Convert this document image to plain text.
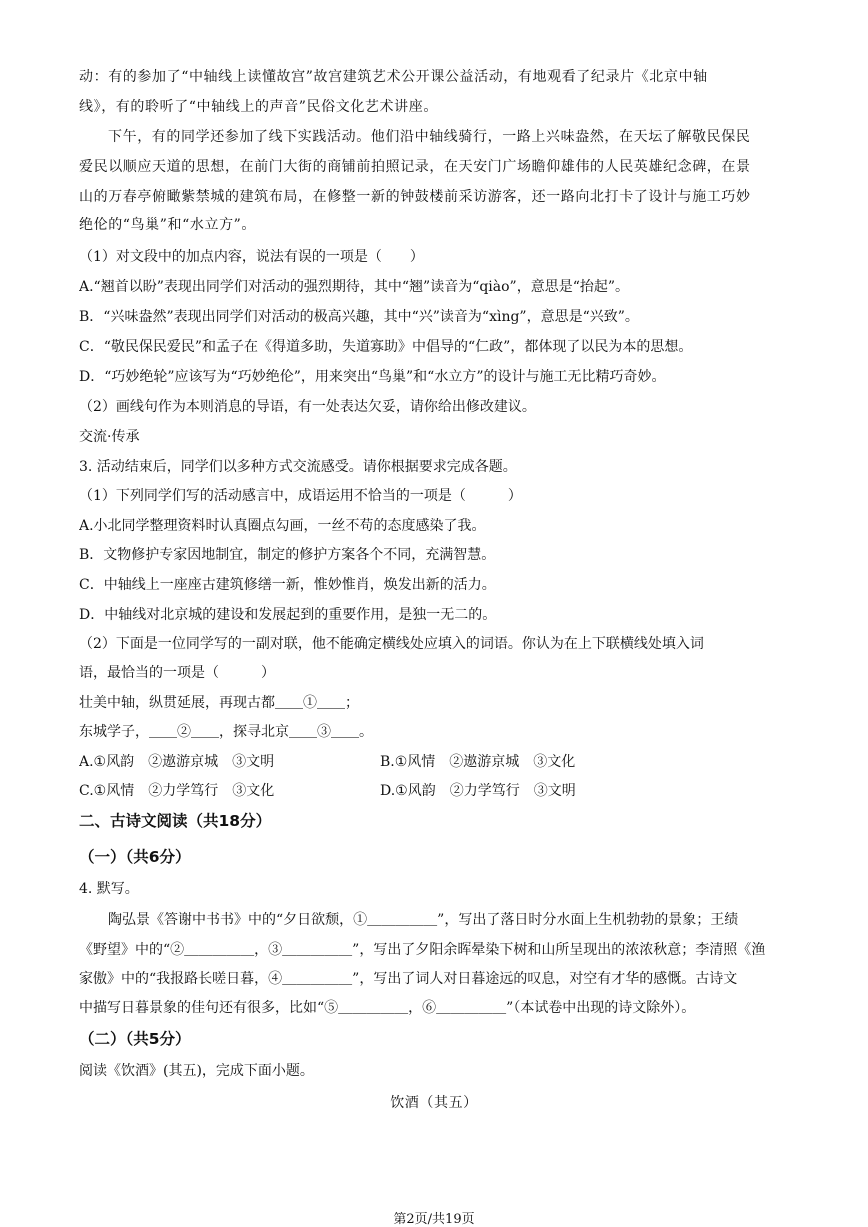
动：有的参加了“中轴线上读懂故宫”故宫建筑艺术公开课公益活动，有地观看了纪录片《北京中轴
线》，有的聆听了“中轴线上的声音”民俗文化艺术讲座。
下午，有的同学还参加了线下实践活动。他们沿中轴线骑行，一路上兴味盎然，在天坛了解敬民保民
爱民以顺应天道的思想，在前门大街的商铺前拍照记录，在天安门广场瞻仰雄伟的人民英雄纪念碑，在景
山的万春亭俯瞰紫禁城的建筑布局，在修整一新的钟鼓楼前采访游客，还一路向北打卡了设计与施工巧妙
绝伦的“鸟巢”和“水立方”。
（1）对文段中的加点内容，说法有误的一项是（　　）
A.“翘首以盼”表现出同学们对活动的强烈期待，其中“翘”读音为“qiào”，意思是“抬起”。
B．“兴味盎然”表现出同学们对活动的极高兴趣，其中“兴”读音为“xìng”，意思是“兴致”。
C．“敬民保民爱民”和孟子在《得道多助，失道寡助》中倡导的“仁政”，都体现了以民为本的思想。
D．“巧妙绝轮”应该写为“巧妙绝伦”，用来突出“鸟巢”和“水立方”的设计与施工无比精巧奇妙。
（2）画线句作为本则消息的导语，有一处表达欠妥，请你给出修改建议。
交流·传承
3. 活动结束后，同学们以多种方式交流感受。请你根据要求完成各题。
（1）下列同学们写的活动感言中，成语运用不恰当的一项是（　　　）
A.小北同学整理资料时认真圈点勾画，一丝不苟的态度感染了我。
B．文物修护专家因地制宜，制定的修护方案各个不同，充满智慧。
C．中轴线上一座座古建筑修缮一新，惟妙惟肖，焕发出新的活力。
D．中轴线对北京城的建设和发展起到的重要作用，是独一无二的。
（2）下面是一位同学写的一副对联，他不能确定横线处应填入的词语。你认为在上下联横线处填入词
语，最恰当的一项是（　　　）
壮美中轴，纵贯延展，再现古都＿＿①＿＿；
东城学子，＿＿②＿＿，探寻北京＿＿③＿＿。
A.①风韵　②遨游京城　③文明	B.①风情　②遨游京城　③文化
C.①风情　②力学笃行　③文化	D.①风韵　②力学笃行　③文明
二、古诗文阅读（共18分）
（一）（共6分）
4. 默写。
陶弘景《答谢中书书》中的“夕日欲颓，①＿＿＿＿＿”，写出了落日时分水面上生机勃勃的景象；王绩
《野望》中的“②＿＿＿＿＿，③＿＿＿＿＿”，写出了夕阳余晖晕染下树和山所呈现出的浓浓秋意；李清照《渔
家傲》中的“我报路长嗟日暮，④＿＿＿＿＿”，写出了词人对日暮途远的叹息，对空有才华的感慨。古诗文
中描写日暮景象的佳句还有很多，比如“⑤＿＿＿＿＿，⑥＿＿＿＿＿”（本试卷中出现的诗文除外）。
（二）（共5分）
阅读《饮酒》(其五)，完成下面小题。
饮酒（其五）
第2页/共19页
